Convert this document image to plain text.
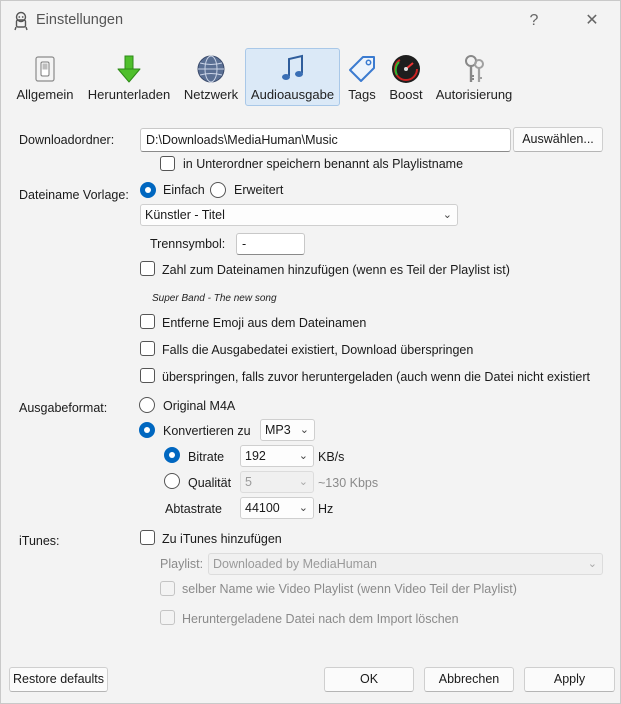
Einstellungen	?	✕
Allgemein Herunterladen	Netzwerk Audioausgabe	Tags	Boost Autorisierung
Downloadordner:	D:\Downloads\MediaHuman\Music	Auswählen...
in Unterordner speichern benannt als Playlistname
Dateiname Vorlage:	Einfach Erweitert
Künstler - Titel	⌄
Trennsymbol:	-
Zahl zum Dateinamen hinzufügen (wenn es Teil der Playlist ist)
Super Band - The new song
Entferne Emoji aus dem Dateinamen
Falls die Ausgabedatei existiert, Download überspringen
überspringen, falls zuvor heruntergeladen (auch wenn die Datei nicht existiert
Ausgabeformat:	Original M4A
Konvertieren zu	MP3 ⌄
Bitrate	192	⌄ KB/s
Qualität	5	⌄ ~130 Kbps
Abtastrate	44100 ⌄ Hz
iTunes:	Zu iTunes hinzufügen
Playlist: Downloaded by MediaHuman	⌄
selber Name wie Video Playlist (wenn Video Teil der Playlist)
Heruntergeladene Datei nach dem Import löschen
Restore defaults	OK	Abbrechen	Apply
